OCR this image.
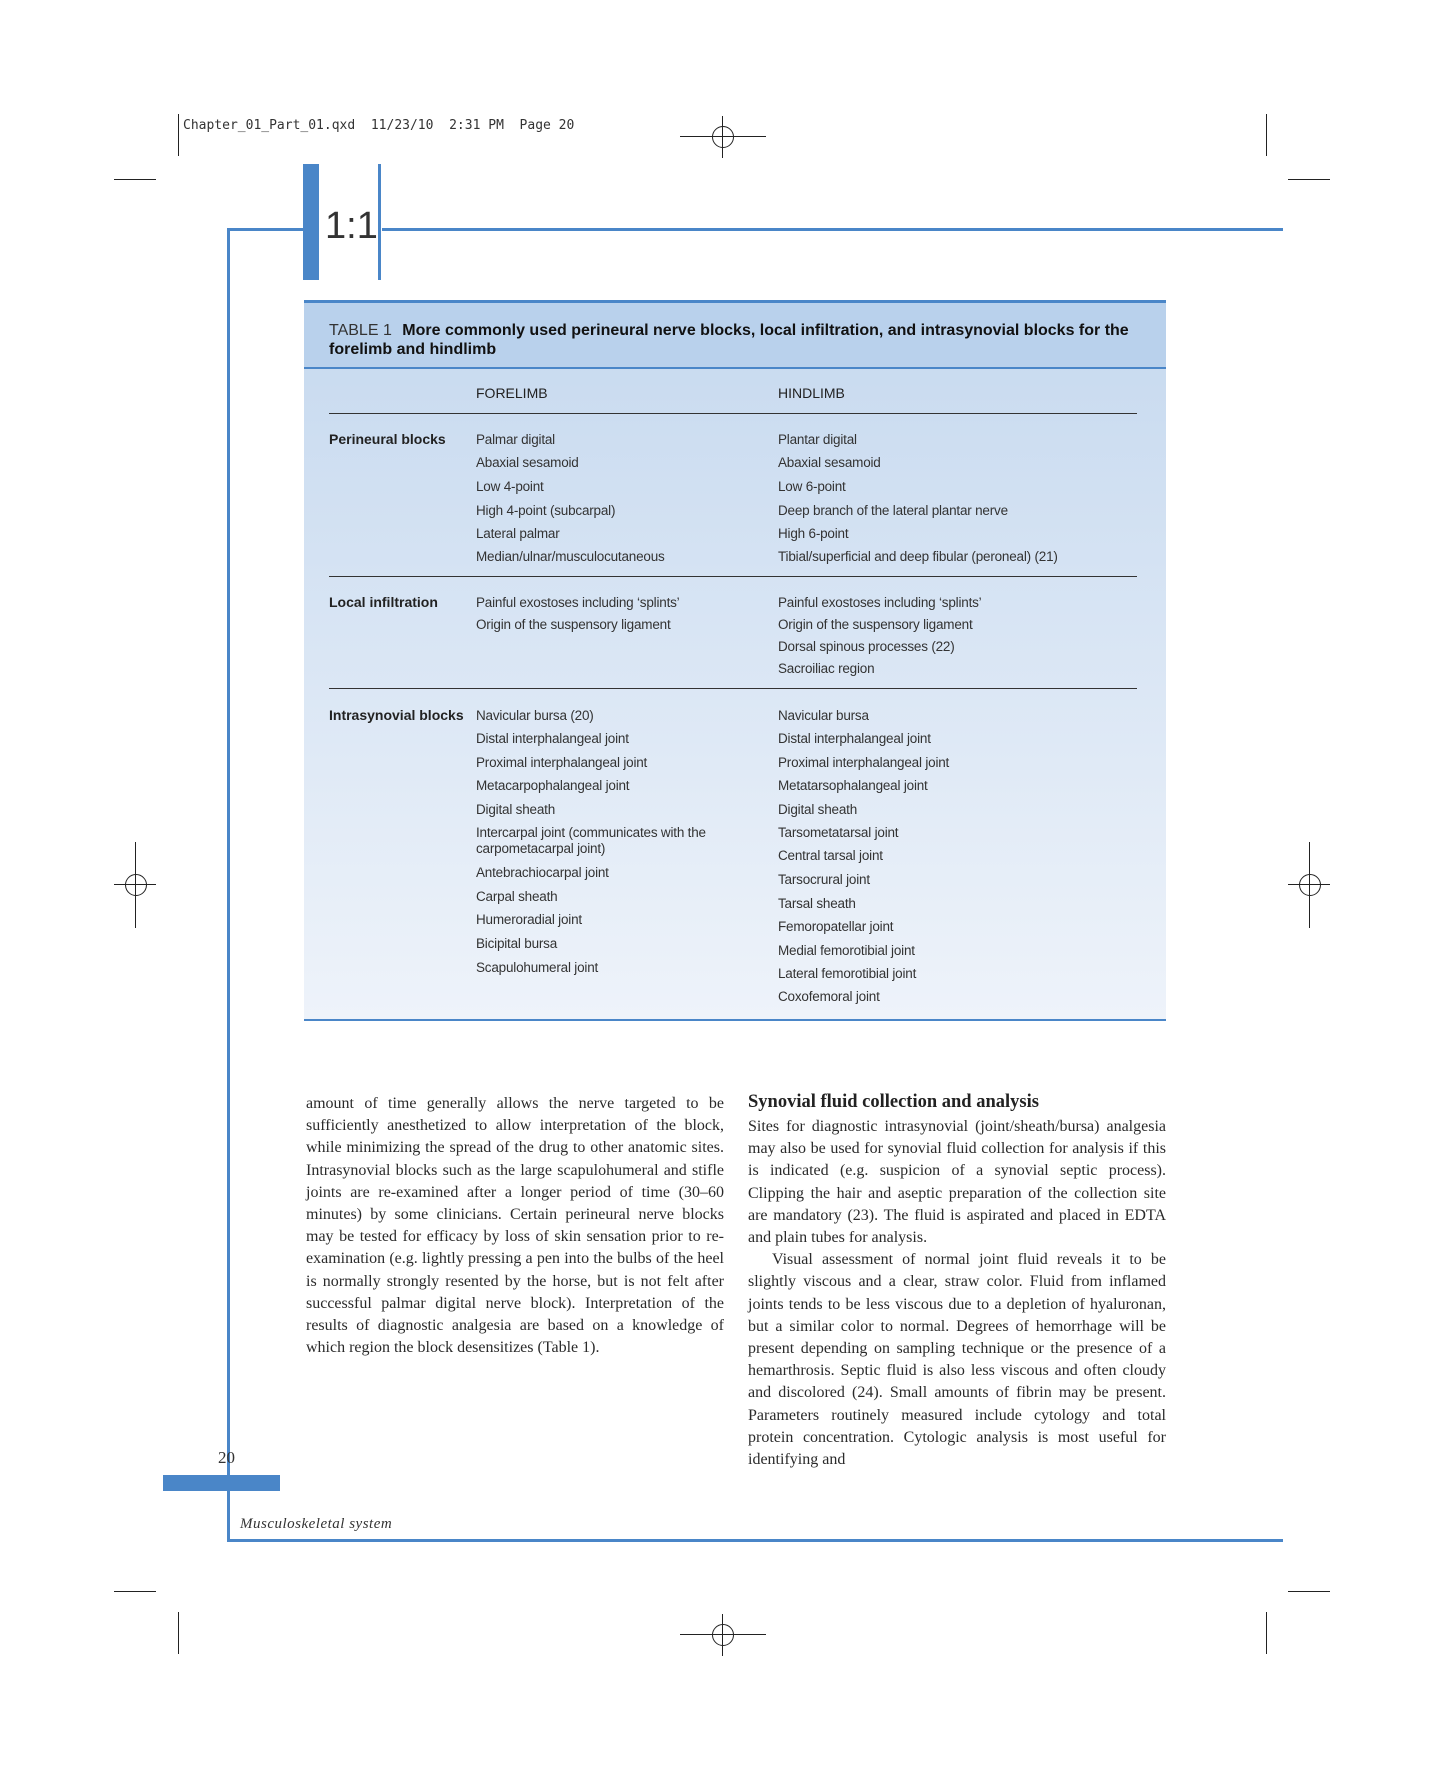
Chapter_01_Part_01.qxd  11/23/10  2:31 PM  Page 20
1:1
TABLE 1 More commonly used perineural nerve blocks, local infiltration, and intrasynovial blocks for the forelimb and hindlimb
FORELIMB	HINDLIMB
Perineural blocks Palmar digital
Abaxial sesamoid
Low 4-point
High 4-point (subcarpal)
Lateral palmar
Median/ulnar/musculocutaneous
Plantar digital
Abaxial sesamoid
Low 6-point
Deep branch of the lateral plantar nerve
High 6-point
Tibial/superficial and deep fibular (peroneal) (21)
Local infiltration	Painful exostoses including ‘splints’
Origin of the suspensory ligament
Painful exostoses including ‘splints’
Origin of the suspensory ligament
Dorsal spinous processes (22)
Sacroiliac region
Intrasynovial blocks Navicular bursa (20)
Distal interphalangeal joint
Proximal interphalangeal joint
Metacarpophalangeal joint
Digital sheath
Intercarpal joint (communicates with the carpometacarpal joint)
Antebrachiocarpal joint
Carpal sheath
Humeroradial joint
Bicipital bursa
Scapulohumeral joint
Navicular bursa
Distal interphalangeal joint
Proximal interphalangeal joint
Metatarsophalangeal joint
Digital sheath
Tarsometatarsal joint
Central tarsal joint
Tarsocrural joint
Tarsal sheath
Femoropatellar joint
Medial femorotibial joint
Lateral femorotibial joint
Coxofemoral joint

amount of time generally allows the nerve targeted to be sufficiently anesthetized to allow interpretation of the block, while minimizing the spread of the drug to other anatomic sites. Intrasynovial blocks such as the large scapulohumeral and stifle joints are re-examined after a longer period of time (30–60 minutes) by some clinicians. Certain perineural nerve blocks may be tested for efficacy by loss of skin sensation prior to re-examination (e.g. lightly pressing a pen into the bulbs of the heel is normally strongly resented by the horse, but is not felt after successful palmar digital nerve block). Interpretation of the results of diagnostic analgesia are based on a knowledge of which region the block desensitizes (Table 1).

Synovial fluid collection and analysis

Sites for diagnostic intrasynovial (joint/sheath/bursa) analgesia may also be used for synovial fluid collection for analysis if this is indicated (e.g. suspicion of a synovial septic process). Clipping the hair and aseptic preparation of the collection site are mandatory (23). The fluid is aspirated and placed in EDTA and plain tubes for analysis.

Visual assessment of normal joint fluid reveals it to be slightly viscous and a clear, straw color. Fluid from inflamed joints tends to be less viscous due to a depletion of hyaluronan, but a similar color to normal. Degrees of hemorrhage will be present depending on sampling technique or the presence of a hemarthrosis. Septic fluid is also less viscous and often cloudy and discolored (24). Small amounts of fibrin may be present. Parameters routinely measured include cytology and total protein concentration. Cytologic analysis is most useful for identifying and

20
Musculoskeletal system
